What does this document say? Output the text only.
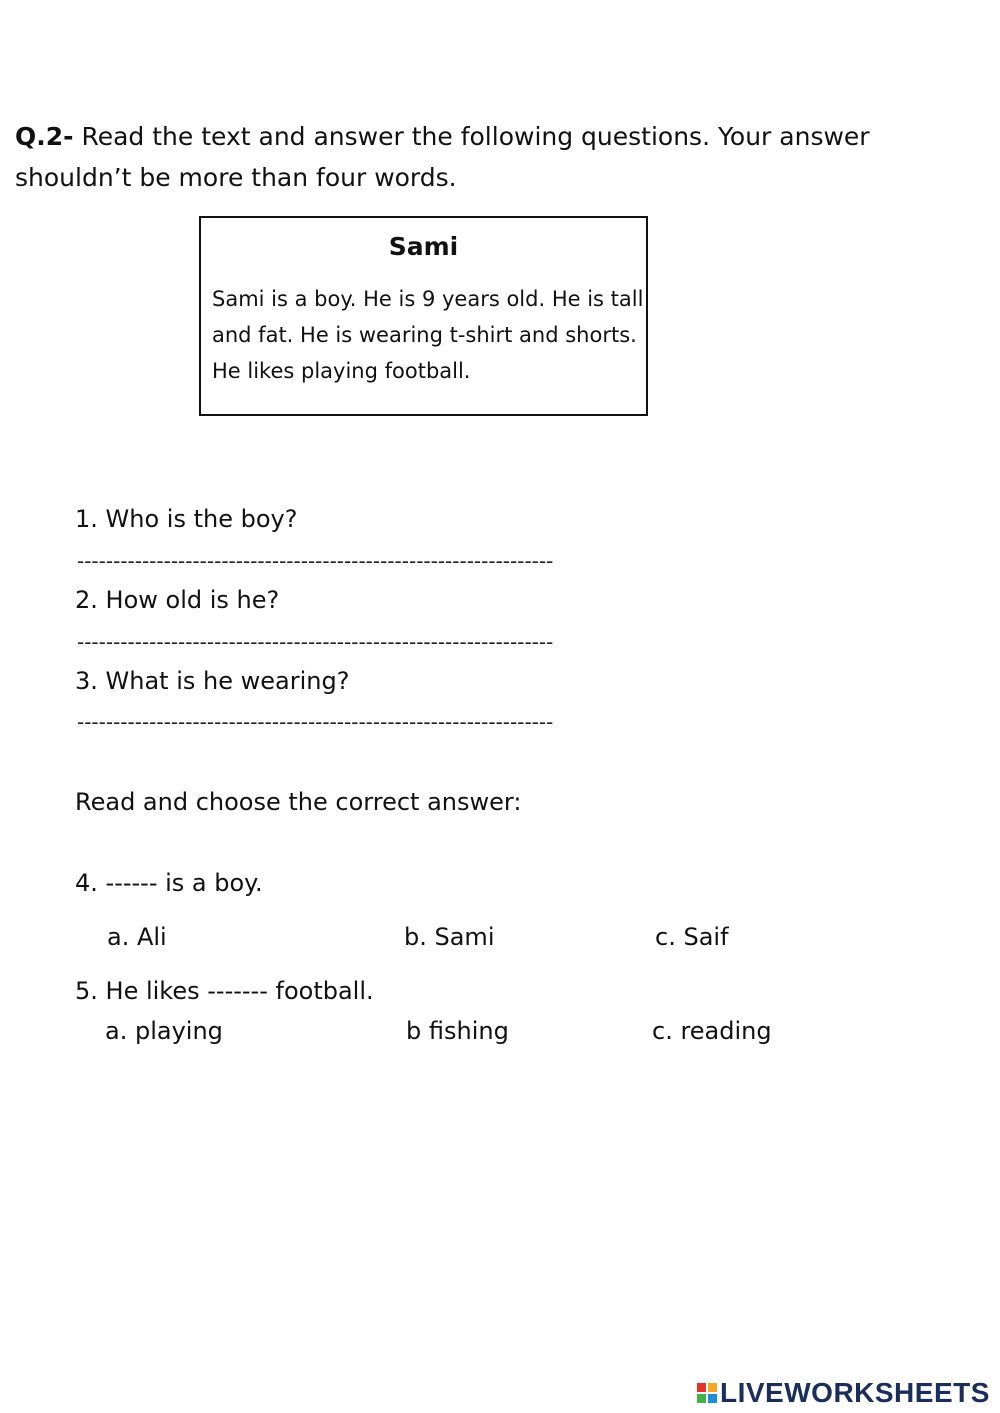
Q.2- Read the text and answer the following questions. Your answer shouldn’t be more than four words.
Sami
Sami is a boy. He is 9 years old. He is tall and fat. He is wearing t-shirt and shorts. He likes playing football.
1. Who is the boy?
------------------------------------------------------------------
2. How old is he?
------------------------------------------------------------------
3. What is he wearing?
------------------------------------------------------------------
Read and choose the correct answer:
4. ------ is a boy.
a. Ali	b. Sami	c. Saif
5. He likes ------- football.
a. playing	b fishing	c. reading
LIVEWORKSHEETS
